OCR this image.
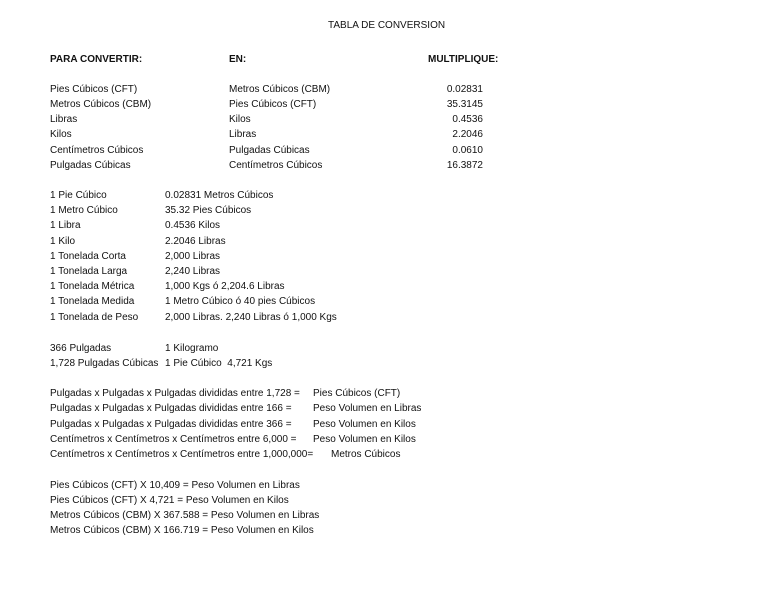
TABLA DE CONVERSION
PARA CONVERTIR:	EN:	MULTIPLIQUE:
Pies Cúbicos (CFT)	Metros Cúbicos (CBM)	0.02831
Metros Cúbicos (CBM)	Pies Cúbicos (CFT)	35.3145
Libras	Kilos	0.4536
Kilos	Libras	2.2046
Centímetros Cúbicos	Pulgadas Cúbicas	0.0610
Pulgadas Cúbicas	Centímetros Cúbicos	16.3872
1 Pie Cúbico	0.02831 Metros Cúbicos
1 Metro Cúbico	35.32 Pies Cúbicos
1 Libra	0.4536 Kilos
1 Kilo	2.2046 Libras
1 Tonelada Corta	2,000 Libras
1 Tonelada Larga	2,240 Libras
1 Tonelada Métrica	1,000 Kgs ó 2,204.6 Libras
1 Tonelada Medida	1 Metro Cúbico ó 40 pies Cúbicos
1 Tonelada de Peso	2,000 Libras. 2,240 Libras ó 1,000 Kgs
366 Pulgadas	1 Kilogramo
1,728 Pulgadas Cúbicas 1 Pie Cúbico  4,721 Kgs
Pulgadas x Pulgadas x Pulgadas divididas entre 1,728 = Pies Cúbicos (CFT)
Pulgadas x Pulgadas x Pulgadas divididas entre 166 = Peso Volumen en Libras
Pulgadas x Pulgadas x Pulgadas divididas entre 366 = Peso Volumen en Kilos
Centímetros x Centímetros x Centímetros entre 6,000 = Peso Volumen en Kilos
Centímetros x Centímetros x Centímetros entre 1,000,000= Metros Cúbicos
Pies Cúbicos (CFT) X 10,409 = Peso Volumen en Libras
Pies Cúbicos (CFT) X 4,721 = Peso Volumen en Kilos
Metros Cúbicos (CBM) X 367.588 = Peso Volumen en Libras
Metros Cúbicos (CBM) X 166.719 = Peso Volumen en Kilos
